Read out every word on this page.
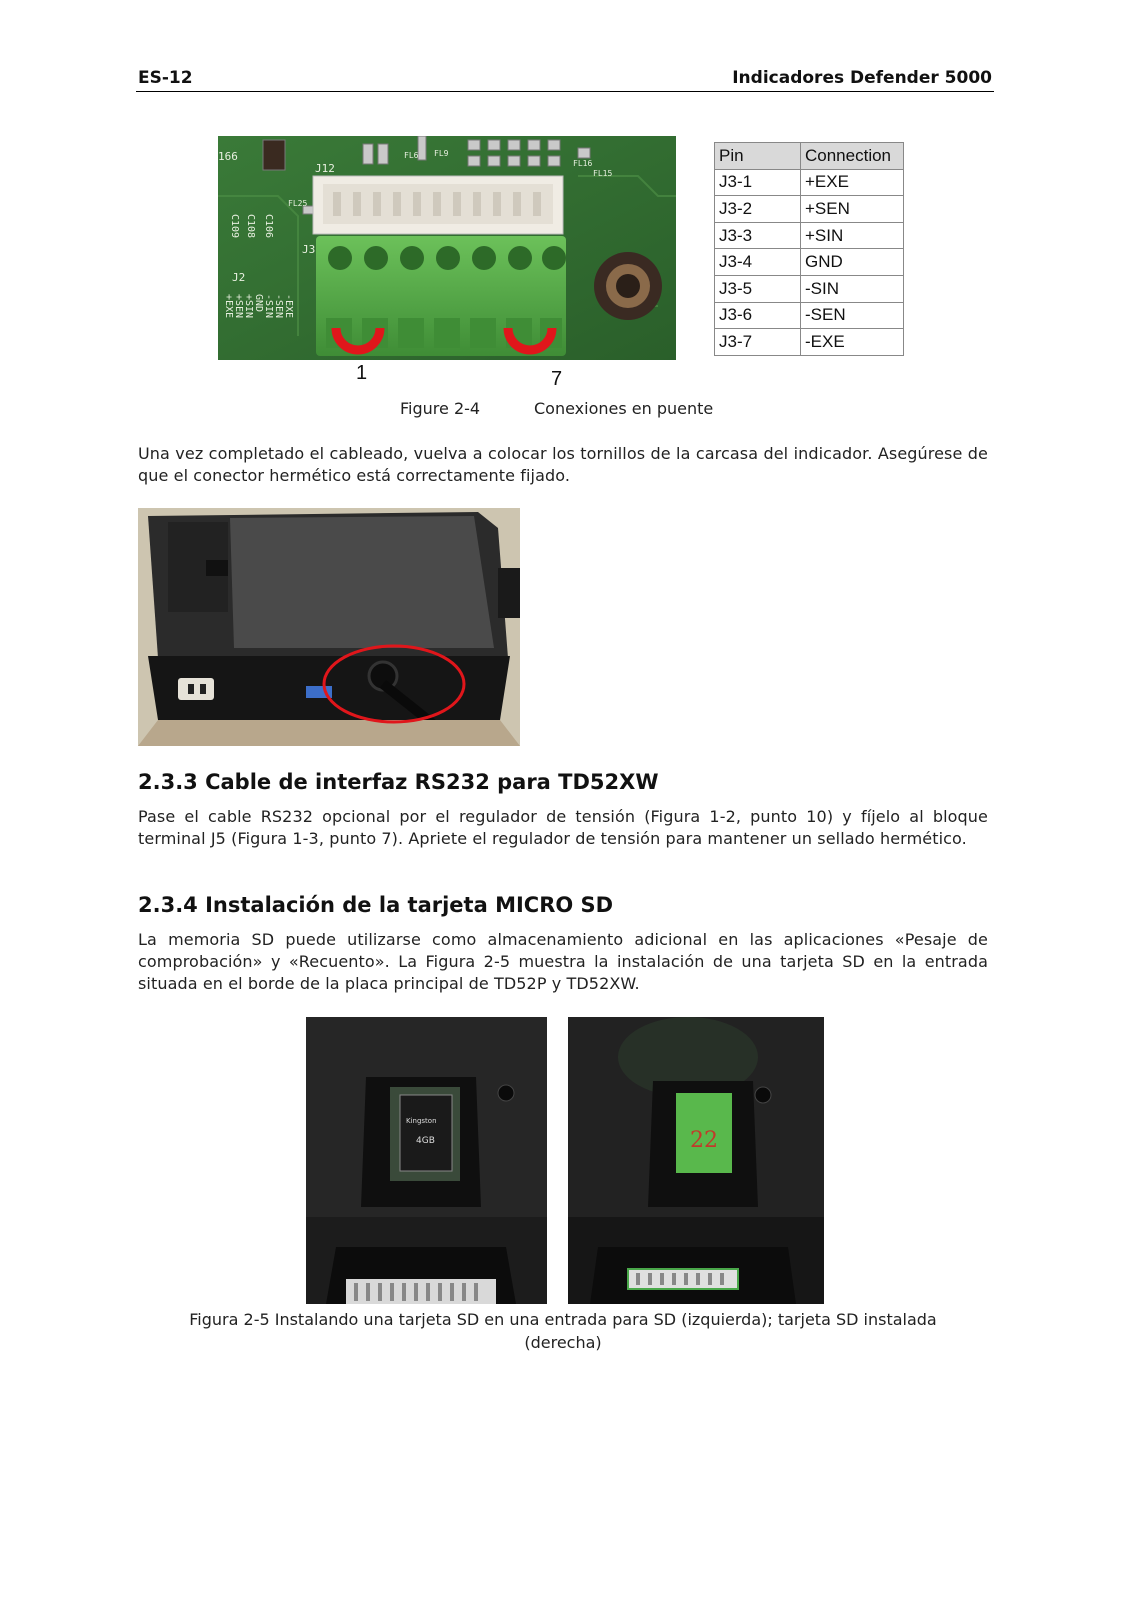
ES-12	Indicadores Defender 5000
166
J12
FL25
J3
J2
FL9
FL6
FL16
FL15
C109 C108 C106
+EXE +SEN +SIN GND -SIN -SEN -EXE
Pin	Connection
J3-1	+EXE
J3-2	+SEN
J3-3	+SIN
J3-4	GND
J3-5	-SIN
J3-6	-SEN
J3-7	-EXE
1	7
Figure 2-4	Conexiones en puente

Una vez completado el cableado, vuelva a colocar los tornillos de la carcasa del indicador. Asegúrese de que el conector hermético está correctamente fijado.

2.3.3 Cable de interfaz RS232 para TD52XW

Pase el cable RS232 opcional por el regulador de tensión (Figura 1-2, punto 10) y fíjelo al bloque terminal J5 (Figura 1-3, punto 7). Apriete el regulador de tensión para mantener un sellado hermético.

2.3.4 Instalación de la tarjeta MICRO SD

La memoria SD puede utilizarse como almacenamiento adicional en las aplicaciones «Pesaje de comprobación» y «Recuento». La Figura 2-5 muestra la instalación de una tarjeta SD en la entrada situada en el borde de la placa principal de TD52P y TD52XW.

Kingston
4GB	22
Figura 2-5 Instalando una tarjeta SD en una entrada para SD (izquierda); tarjeta SD instalada
(derecha)
